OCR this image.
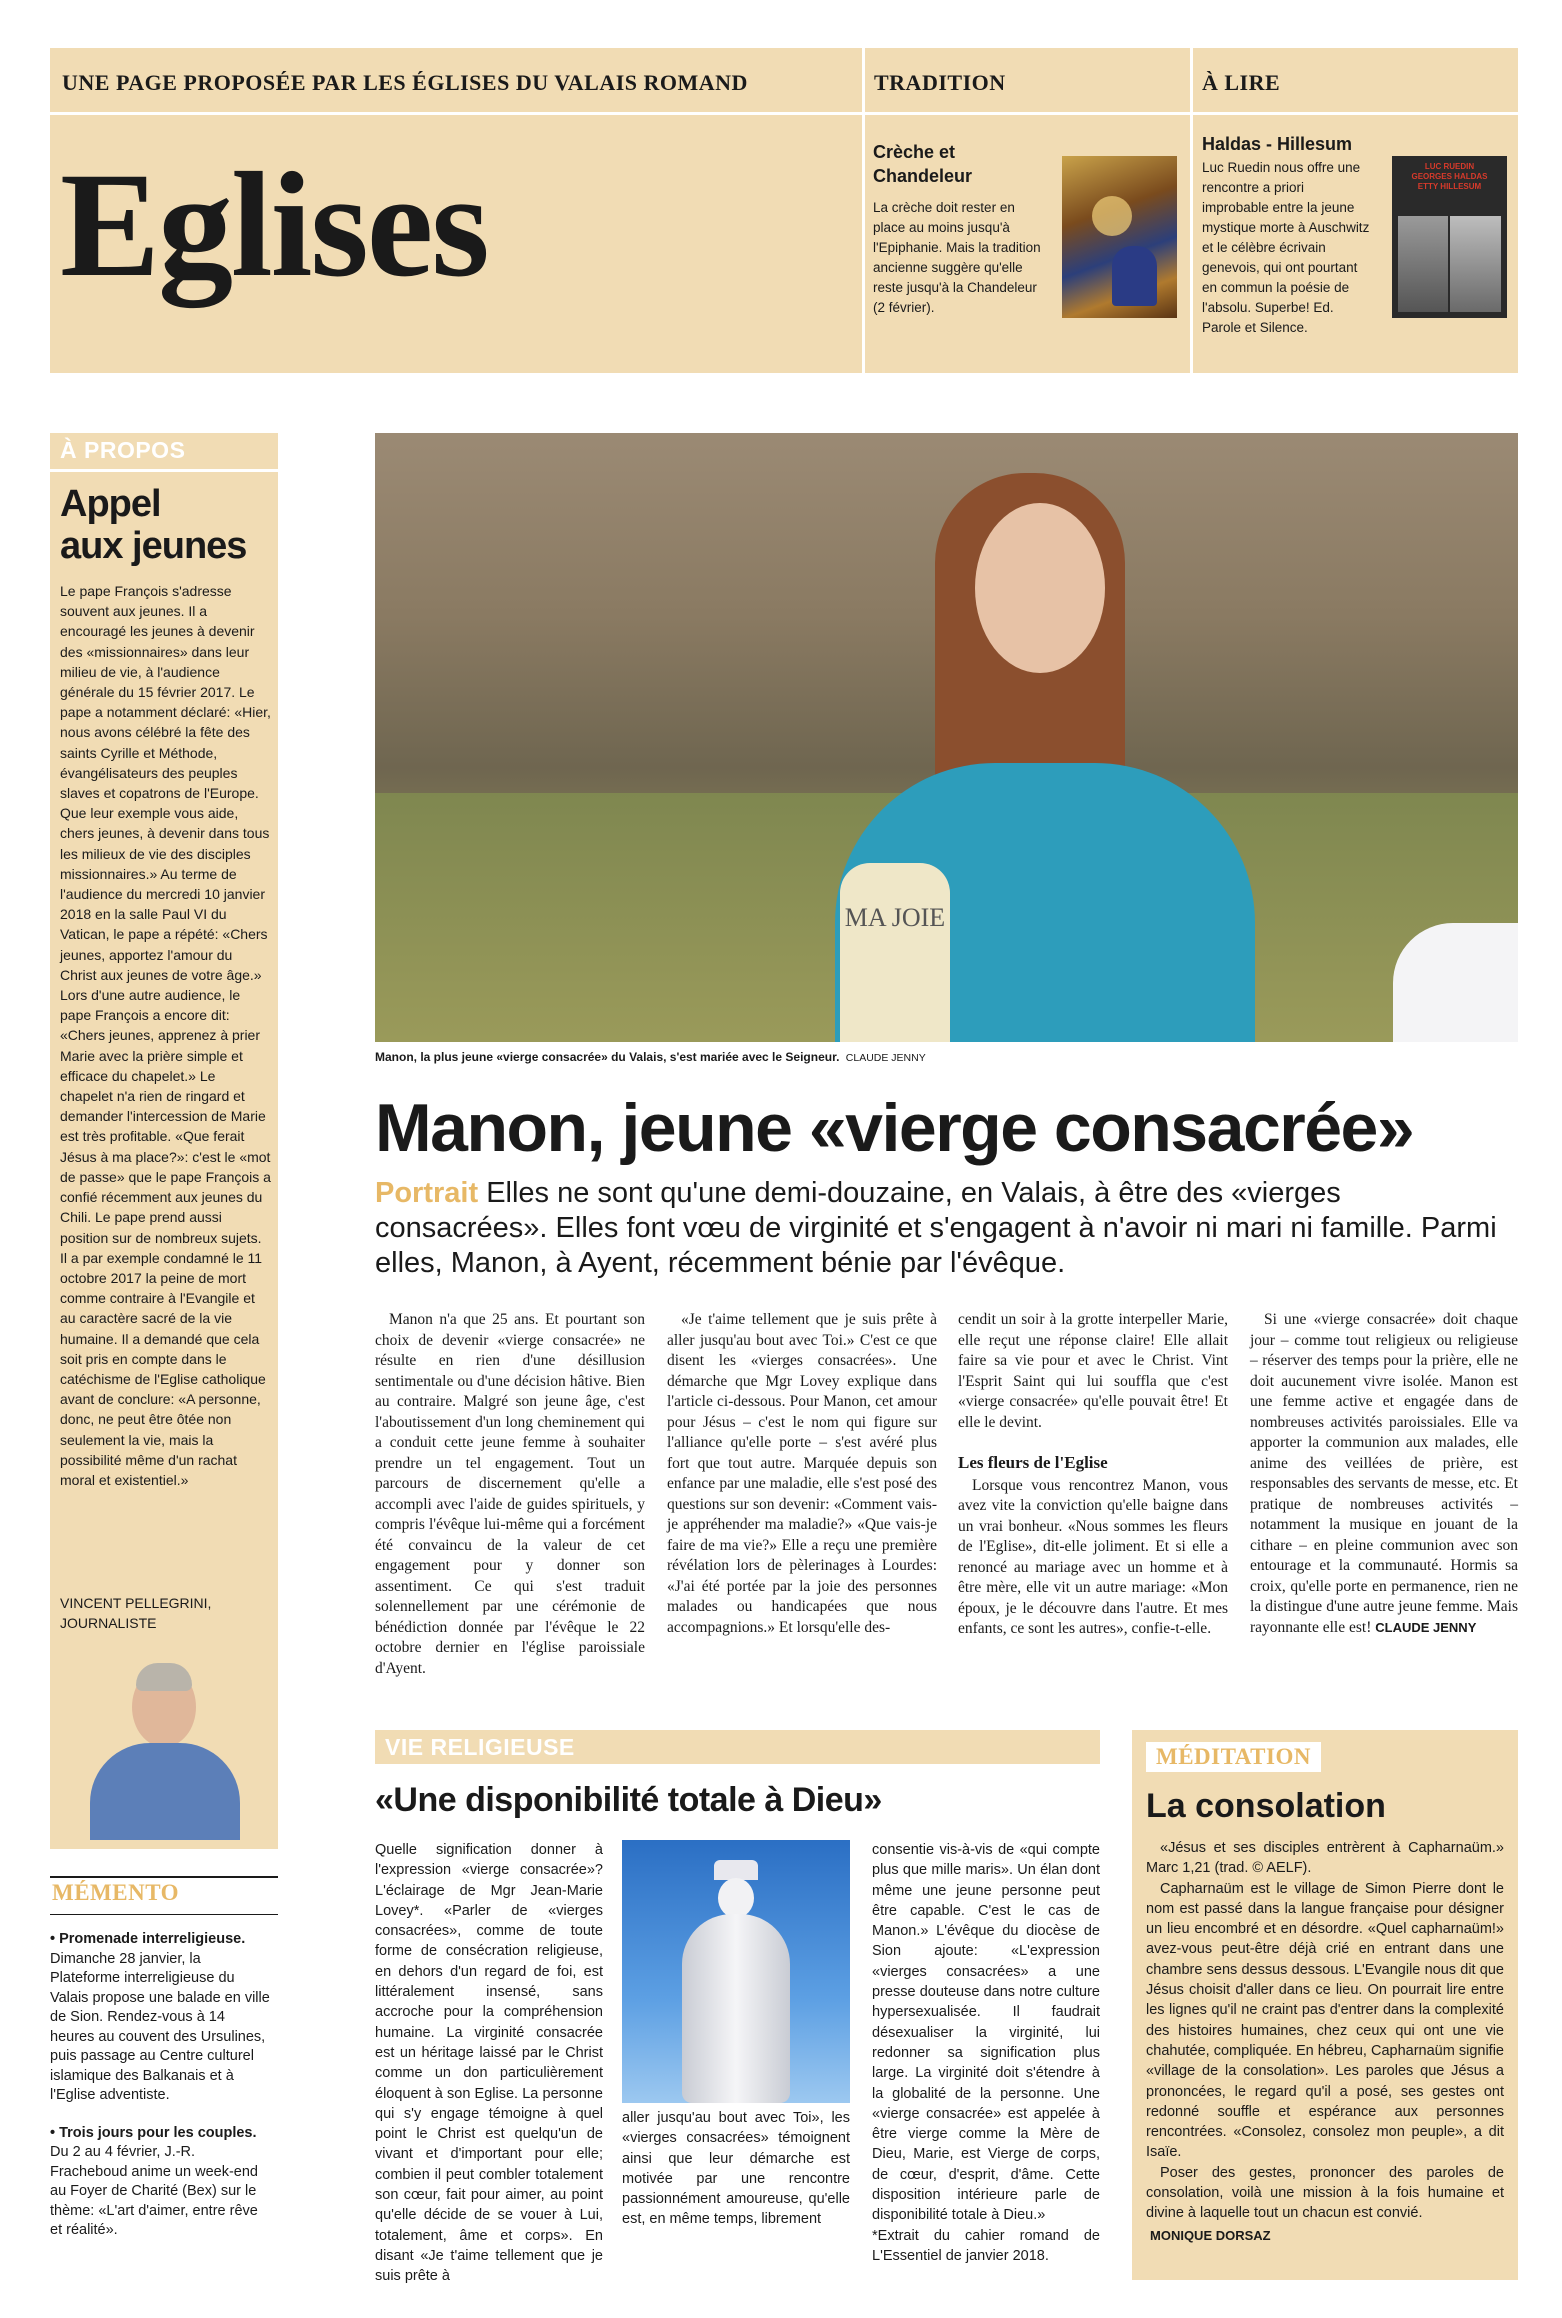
UNE PAGE PROPOSÉE PAR LES ÉGLISES DU VALAIS ROMAND
Eglises
TRADITION
Crèche et Chandeleur
La crèche doit rester en place au moins jusqu'à l'Epiphanie. Mais la tradition ancienne suggère qu'elle reste jusqu'à la Chandeleur (2 février).
À LIRE
Haldas - Hillesum
Luc Ruedin nous offre une rencontre a priori improbable entre la jeune mystique morte à Auschwitz et le célèbre écrivain genevois, qui ont pourtant en commun la poésie de l'absolu. Superbe! Ed. Parole et Silence.
LUC RUEDIN
GEORGES HALDAS
ETTY HILLESUM
À PROPOS
Appel
aux jeunes
Le pape François s'adresse souvent aux jeunes. Il a encouragé les jeunes à devenir des «missionnaires» dans leur milieu de vie, à l'audience générale du 15 février 2017. Le pape a notamment déclaré: «Hier, nous avons célébré la fête des saints Cyrille et Méthode, évangélisateurs des peuples slaves et copatrons de l'Europe. Que leur exemple vous aide, chers jeunes, à devenir dans tous les milieux de vie des disciples missionnaires.» Au terme de l'audience du mercredi 10 janvier 2018 en la salle Paul VI du Vatican, le pape a répété: «Chers jeunes, apportez l'amour du Christ aux jeunes de votre âge.» Lors d'une autre audience, le pape François a encore dit: «Chers jeunes, apprenez à prier Marie avec la prière simple et efficace du chapelet.» Le chapelet n'a rien de ringard et demander l'intercession de Marie est très profitable. «Que ferait Jésus à ma place?»: c'est le «mot de passe» que le pape François a confié récemment aux jeunes du Chili. Le pape prend aussi position sur de nombreux sujets. Il a par exemple condamné le 11 octobre 2017 la peine de mort comme contraire à l'Evangile et au caractère sacré de la vie humaine. Il a demandé que cela soit pris en compte dans le catéchisme de l'Eglise catholique avant de conclure: «A personne, donc, ne peut être ôtée non seulement la vie, mais la possibilité même d'un rachat moral et existentiel.»
VINCENT PELLEGRINI, JOURNALISTE
MÉMENTO
• Promenade interreligieuse.
Dimanche 28 janvier, la Plateforme interreligieuse du Valais propose une balade en ville de Sion. Rendez-vous à 14 heures au couvent des Ursulines, puis passage au Centre culturel islamique des Balkanais et à l'Eglise adventiste.
• Trois jours pour les couples.
Du 2 au 4 février, J.-R. Fracheboud anime un week-end au Foyer de Charité (Bex) sur le thème: «L'art d'aimer, entre rêve et réalité».
MA JOIE
Manon, la plus jeune «vierge consacrée» du Valais, s'est mariée avec le Seigneur. CLAUDE JENNY
Manon, jeune «vierge consacrée»
Portrait Elles ne sont qu'une demi-douzaine, en Valais, à être des «vierges consacrées». Elles font vœu de virginité et s'engagent à n'avoir ni mari ni famille. Parmi elles, Manon, à Ayent, récemment bénie par l'évêque.

Manon n'a que 25 ans. Et pourtant son choix de devenir «vierge consacrée» ne résulte en rien d'une désillusion sentimentale ou d'une décision hâtive. Bien au contraire. Malgré son jeune âge, c'est l'aboutissement d'un long cheminement qui a conduit cette jeune femme à souhaiter prendre un tel engagement. Tout un parcours de discernement qu'elle a accompli avec l'aide de guides spirituels, y compris l'évêque lui-même qui a forcément été convaincu de la valeur de cet engagement pour y donner son assentiment. Ce qui s'est traduit solennellement par une cérémonie de bénédiction donnée par l'évêque le 22 octobre dernier en l'église paroissiale d'Ayent.

«Je t'aime tellement que je suis prête à aller jusqu'au bout avec Toi.» C'est ce que disent les «vierges consacrées». Une démarche que Mgr Lovey explique dans l'article ci-dessous. Pour Manon, cet amour pour Jésus – c'est le nom qui figure sur l'alliance qu'elle porte – s'est avéré plus fort que tout autre. Marquée depuis son enfance par une maladie, elle s'est posé des questions sur son devenir: «Comment vais-je appréhender ma maladie?» «Que vais-je faire de ma vie?» Elle a reçu une première révélation lors de pèlerinages à Lourdes: «J'ai été portée par la joie des personnes malades ou handicapées que nous accompagnions.» Et lorsqu'elle des-

cendit un soir à la grotte interpeller Marie, elle reçut une réponse claire! Elle allait faire sa vie pour et avec le Christ. Vint l'Esprit Saint qui lui souffla que c'est «vierge consacrée» qu'elle pouvait être! Et elle le devint.

Les fleurs de l'Eglise

Lorsque vous rencontrez Manon, vous avez vite la conviction qu'elle baigne dans un vrai bonheur. «Nous sommes les fleurs de l'Eglise», dit-elle joliment. Et si elle a renoncé au mariage avec un homme et à être mère, elle vit un autre mariage: «Mon époux, je le découvre dans l'autre. Et mes enfants, ce sont les autres», confie-t-elle.

Si une «vierge consacrée» doit chaque jour – comme tout religieux ou religieuse – réserver des temps pour la prière, elle ne doit aucunement vivre isolée. Manon est une femme active et engagée dans de nombreuses activités paroissiales. Elle va apporter la communion aux malades, elle anime des veillées de prière, est responsables des servants de messe, etc. Et pratique de nombreuses activités – notamment la musique en jouant de la cithare – en pleine communion avec son entourage et la communauté. Hormis sa croix, qu'elle porte en permanence, rien ne la distingue d'une autre jeune femme. Mais rayonnante elle est! CLAUDE JENNY

VIE RELIGIEUSE
«Une disponibilité totale à Dieu»

Quelle signification donner à l'expression «vierge consacrée»? L'éclairage de Mgr Jean-Marie Lovey*. «Parler de «vierges consacrées», comme de toute forme de consécration religieuse, en dehors d'un regard de foi, est littéralement insensé, sans accroche pour la compréhension humaine. La virginité consacrée est un héritage laissé par le Christ comme un don particulièrement éloquent à son Eglise. La personne qui s'y engage témoigne à quel point le Christ est quelqu'un de vivant et d'important pour elle; combien il peut combler totalement son cœur, fait pour aimer, au point qu'elle décide de se vouer à Lui, totalement, âme et corps». En disant «Je t'aime tellement que je suis prête à

aller jusqu'au bout avec Toi», les «vierges consacrées» témoignent ainsi que leur démarche est motivée par une rencontre passionnément amoureuse, qu'elle est, en même temps, librement

consentie vis-à-vis de «qui compte plus que mille maris». Un élan dont même une jeune personne peut être capable. C'est le cas de Manon.» L'évêque du diocèse de Sion ajoute: «L'expression «vierges consacrées» a une presse douteuse dans notre culture hypersexualisée. Il faudrait désexualiser la virginité, lui redonner sa signification plus large. La virginité doit s'étendre à la globalité de la personne. Une «vierge consacrée» est appelée à être vierge comme la Mère de Dieu, Marie, est Vierge de corps, de cœur, d'esprit, d'âme. Cette disposition intérieure parle de disponibilité totale à Dieu.»

*Extrait du cahier romand de L'Essentiel de janvier 2018.

MÉDITATION
La consolation

«Jésus et ses disciples entrèrent à Capharnaüm.» Marc 1,21 (trad. © AELF).

Capharnaüm est le village de Simon Pierre dont le nom est passé dans la langue française pour désigner un lieu encombré et en désordre. «Quel capharnaüm!» avez-vous peut-être déjà crié en entrant dans une chambre sens dessus dessous. L'Evangile nous dit que Jésus choisit d'aller dans ce lieu. On pourrait lire entre les lignes qu'il ne craint pas d'entrer dans la complexité des histoires humaines, chez ceux qui ont une vie chahutée, compliquée. En hébreu, Capharnaüm signifie «village de la consolation». Les paroles que Jésus a prononcées, le regard qu'il a posé, ses gestes ont redonné souffle et espérance aux personnes rencontrées. «Consolez, consolez mon peuple», a dit Isaïe.

Poser des gestes, prononcer des paroles de consolation, voilà une mission à la fois humaine et divine à laquelle tout un chacun est convié.

MONIQUE DORSAZ
